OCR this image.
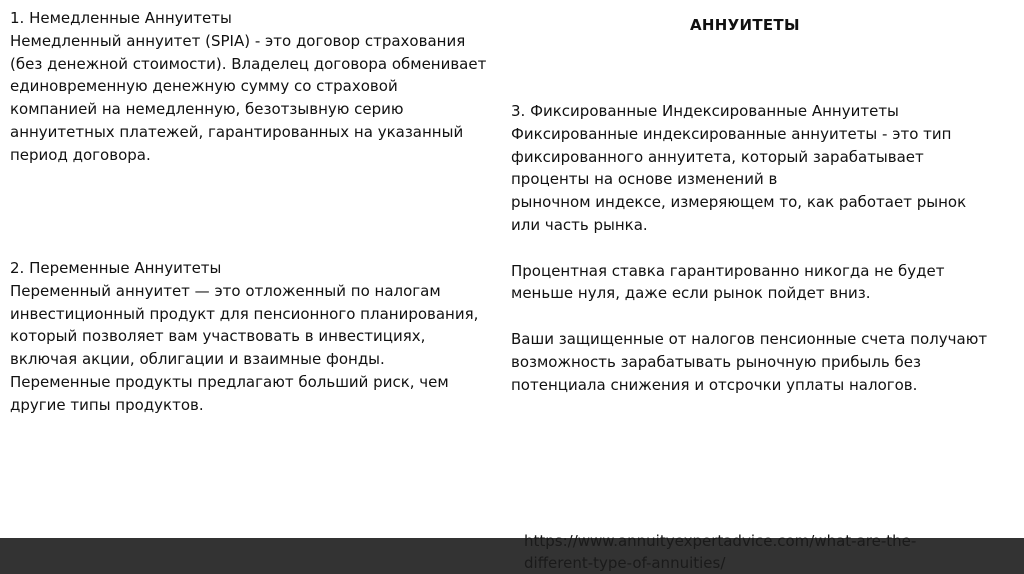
АННУИТЕТЫ
1. Немедленные Аннуитеты
Немедленный аннуитет (SPIA) - это договор страхования
(без денежной стоимости). Владелец договора обменивает
единовременную денежную сумму со страховой
компанией на немедленную, безотзывную серию
аннуитетных платежей, гарантированных на указанный
период договора.
2. Переменные Аннуитеты
Переменный аннуитет — это отложенный по налогам
инвестиционный продукт для пенсионного планирования,
который позволяет вам участвовать в инвестициях,
включая акции, облигации и взаимные фонды.
Переменные продукты предлагают больший риск, чем
другие типы продуктов.
3. Фиксированные Индексированные Аннуитеты
Фиксированные индексированные аннуитеты - это тип
фиксированного аннуитета, который зарабатывает
проценты на основе изменений в
рыночном индексе, измеряющем то, как работает рынок
или часть рынка.
Процентная ставка гарантированно никогда не будет
меньше нуля, даже если рынок пойдет вниз.
Ваши защищенные от налогов пенсионные счета получают
возможность зарабатывать рыночную прибыль без
потенциала снижения и отсрочки уплаты налогов.
https://www.annuityexpertadvice.com/what-are-the-
different-type-of-annuities/
